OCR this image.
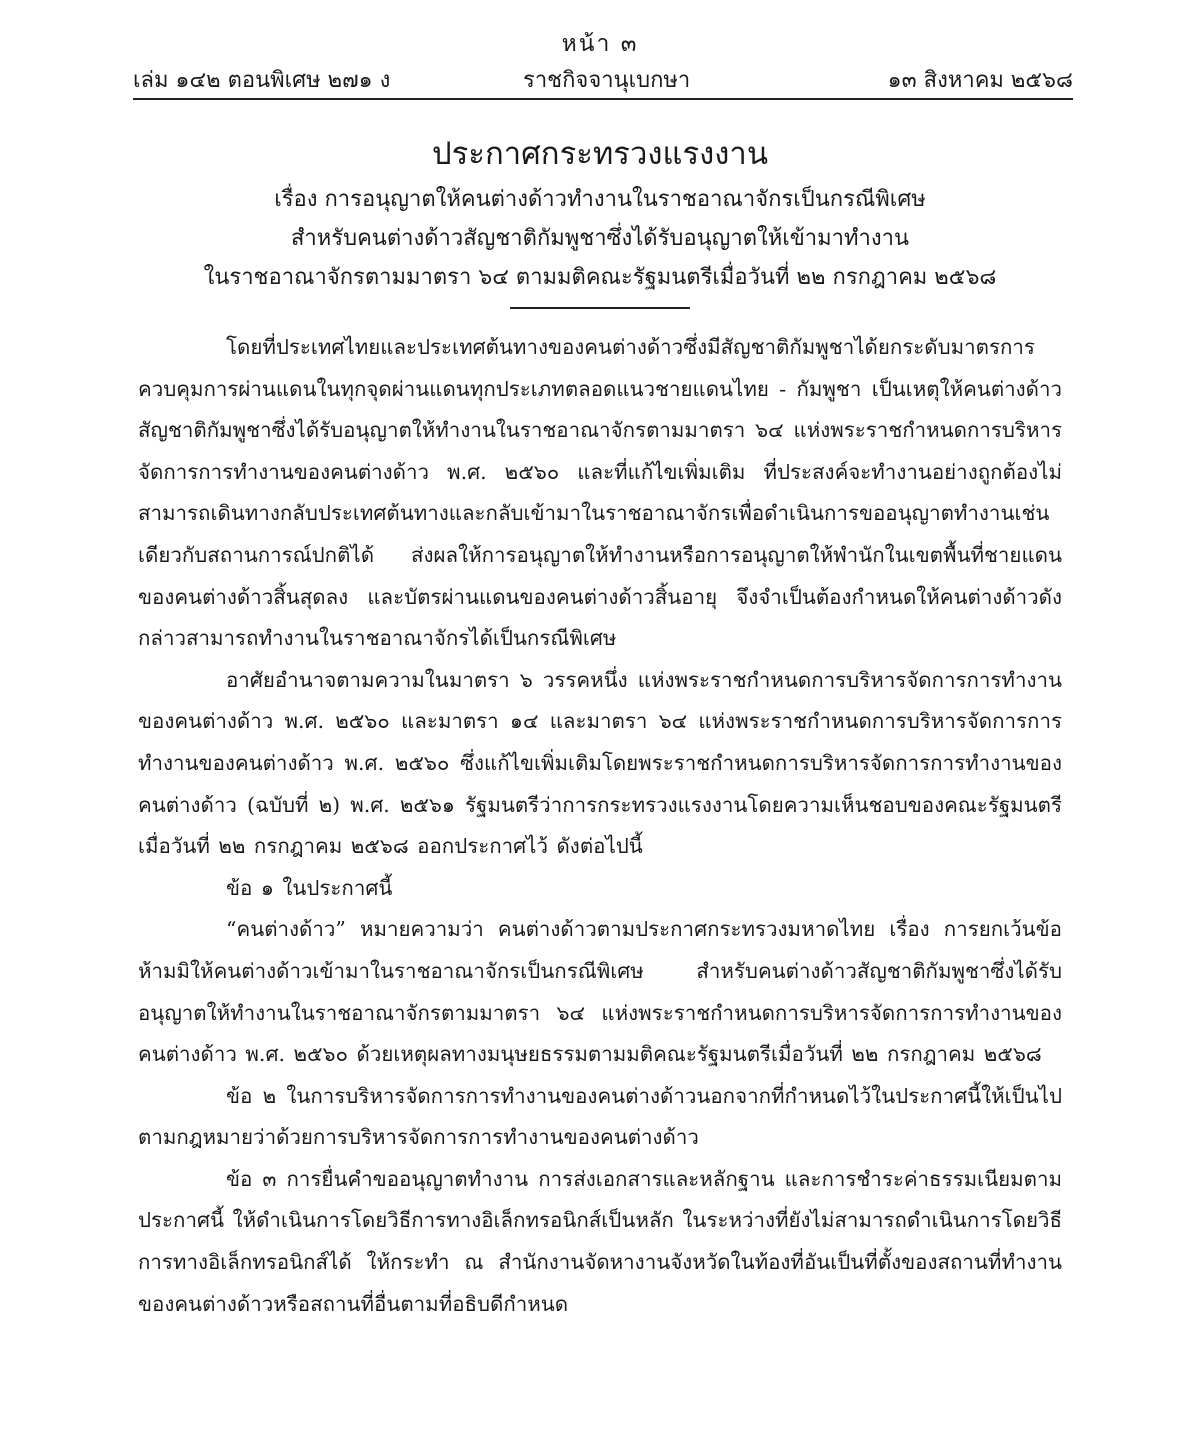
หน้า ๓
เล่ม ๑๔๒ ตอนพิเศษ ๒๗๑ ง	ราชกิจจานุเบกษา	๑๓ สิงหาคม ๒๕๖๘
ประกาศกระทรวงแรงงาน
เรื่อง การอนุญาตให้คนต่างด้าวทำงานในราชอาณาจักรเป็นกรณีพิเศษ
สำหรับคนต่างด้าวสัญชาติกัมพูชาซึ่งได้รับอนุญาตให้เข้ามาทำงาน
ในราชอาณาจักรตามมาตรา ๖๔ ตามมติคณะรัฐมนตรีเมื่อวันที่ ๒๒ กรกฎาคม ๒๕๖๘

โดยที่ประเทศไทยและประเทศต้นทางของคนต่างด้าวซึ่งมีสัญชาติกัมพูชาได้ยกระดับมาตรการควบคุมการผ่านแดนในทุกจุดผ่านแดนทุกประเภทตลอดแนวชายแดนไทย - กัมพูชา เป็นเหตุให้คนต่างด้าวสัญชาติกัมพูชาซึ่งได้รับอนุญาตให้ทำงานในราชอาณาจักรตามมาตรา ๖๔ แห่งพระราชกำหนดการบริหารจัดการการทำงานของคนต่างด้าว พ.ศ. ๒๕๖๐ และที่แก้ไขเพิ่มเติม ที่ประสงค์จะทำงานอย่างถูกต้องไม่สามารถเดินทางกลับประเทศต้นทางและกลับเข้ามาในราชอาณาจักรเพื่อดำเนินการขออนุญาตทำงานเช่นเดียวกับสถานการณ์ปกติได้ ส่งผลให้การอนุญาตให้ทำงานหรือการอนุญาตให้พำนักในเขตพื้นที่ชายแดนของคนต่างด้าวสิ้นสุดลง และบัตรผ่านแดนของคนต่างด้าวสิ้นอายุ จึงจำเป็นต้องกำหนดให้คนต่างด้าวดังกล่าวสามารถทำงานในราชอาณาจักรได้เป็นกรณีพิเศษ

อาศัยอำนาจตามความในมาตรา ๖ วรรคหนึ่ง แห่งพระราชกำหนดการบริหารจัดการการทำงานของคนต่างด้าว พ.ศ. ๒๕๖๐ และมาตรา ๑๔ และมาตรา ๖๔ แห่งพระราชกำหนดการบริหารจัดการการทำงานของคนต่างด้าว พ.ศ. ๒๕๖๐ ซึ่งแก้ไขเพิ่มเติมโดยพระราชกำหนดการบริหารจัดการการทำงานของคนต่างด้าว (ฉบับที่ ๒) พ.ศ. ๒๕๖๑ รัฐมนตรีว่าการกระทรวงแรงงานโดยความเห็นชอบของคณะรัฐมนตรีเมื่อวันที่ ๒๒ กรกฎาคม ๒๕๖๘ ออกประกาศไว้ ดังต่อไปนี้

ข้อ ๑ ในประกาศนี้

“คนต่างด้าว” หมายความว่า คนต่างด้าวตามประกาศกระทรวงมหาดไทย เรื่อง การยกเว้นข้อห้ามมิให้คนต่างด้าวเข้ามาในราชอาณาจักรเป็นกรณีพิเศษ สำหรับคนต่างด้าวสัญชาติกัมพูชาซึ่งได้รับอนุญาตให้ทำงานในราชอาณาจักรตามมาตรา ๖๔ แห่งพระราชกำหนดการบริหารจัดการการทำงานของคนต่างด้าว พ.ศ. ๒๕๖๐ ด้วยเหตุผลทางมนุษยธรรมตามมติคณะรัฐมนตรีเมื่อวันที่ ๒๒ กรกฎาคม ๒๕๖๘

ข้อ ๒ ในการบริหารจัดการการทำงานของคนต่างด้าวนอกจากที่กำหนดไว้ในประกาศนี้ให้เป็นไปตามกฎหมายว่าด้วยการบริหารจัดการการทำงานของคนต่างด้าว

ข้อ ๓ การยื่นคำขออนุญาตทำงาน การส่งเอกสารและหลักฐาน และการชำระค่าธรรมเนียมตามประกาศนี้ ให้ดำเนินการโดยวิธีการทางอิเล็กทรอนิกส์เป็นหลัก ในระหว่างที่ยังไม่สามารถดำเนินการโดยวิธีการทางอิเล็กทรอนิกส์ได้ ให้กระทำ ณ สำนักงานจัดหางานจังหวัดในท้องที่อันเป็นที่ตั้งของสถานที่ทำงานของคนต่างด้าวหรือสถานที่อื่นตามที่อธิบดีกำหนด
